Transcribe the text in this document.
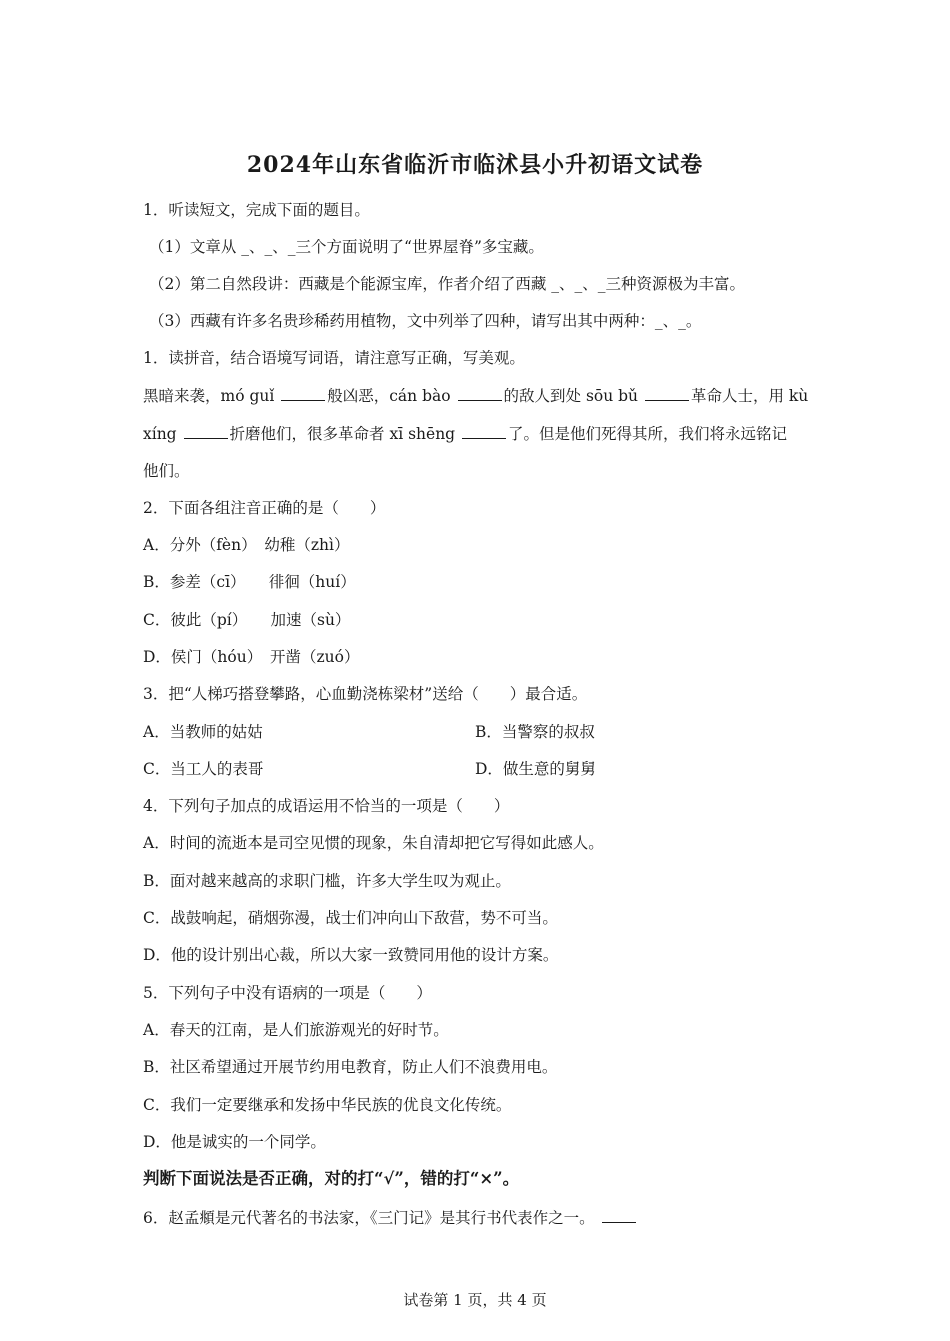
2024年山东省临沂市临沭县小升初语文试卷
1．听读短文，完成下面的题目。
（1）文章从 _、_、_三个方面说明了“世界屋脊”多宝藏。
（2）第二自然段讲：西藏是个能源宝库，作者介绍了西藏 _、_、_三种资源极为丰富。
（3）西藏有许多名贵珍稀药用植物，文中列举了四种，请写出其中两种：_、_。
1．读拼音，结合语境写词语，请注意写正确，写美观。
黑暗来袭，mó guǐ	般凶恶，cán bào	的敌人到处 sōu bǔ	革命人士，用 kù
xíng	折磨他们，很多革命者 xī shēng	了。但是他们死得其所，我们将永远铭记
他们。
2．下面各组注音正确的是（　　）
A．分外（fèn）　幼稚（zhì）
B．参差（cī）　　徘徊（huí）
C．彼此（pí）　　加速（sù）
D．侯门（hóu）　开凿（zuó）
3．把“人梯巧搭登攀路，心血勤浇栋梁材”送给（　　）最合适。
A．当教师的姑姑	B．当警察的叔叔
C．当工人的表哥	D．做生意的舅舅
4．下列句子加点的成语运用不恰当的一项是（　　）
A．时间的流逝本是司空见惯的现象，朱自清却把它写得如此感人。
B．面对越来越高的求职门槛，许多大学生叹为观止。
C．战鼓响起，硝烟弥漫，战士们冲向山下敌营，势不可当。
D．他的设计别出心裁，所以大家一致赞同用他的设计方案。
5．下列句子中没有语病的一项是（　　）
A．春天的江南，是人们旅游观光的好时节。
B．社区希望通过开展节约用电教育，防止人们不浪费用电。
C．我们一定要继承和发扬中华民族的优良文化传统。
D．他是诚实的一个同学。
判断下面说法是否正确，对的打“√”，错的打“×”。
6．赵孟頫是元代著名的书法家，《三门记》是其行书代表作之一。
试卷第 1 页，共 4 页
